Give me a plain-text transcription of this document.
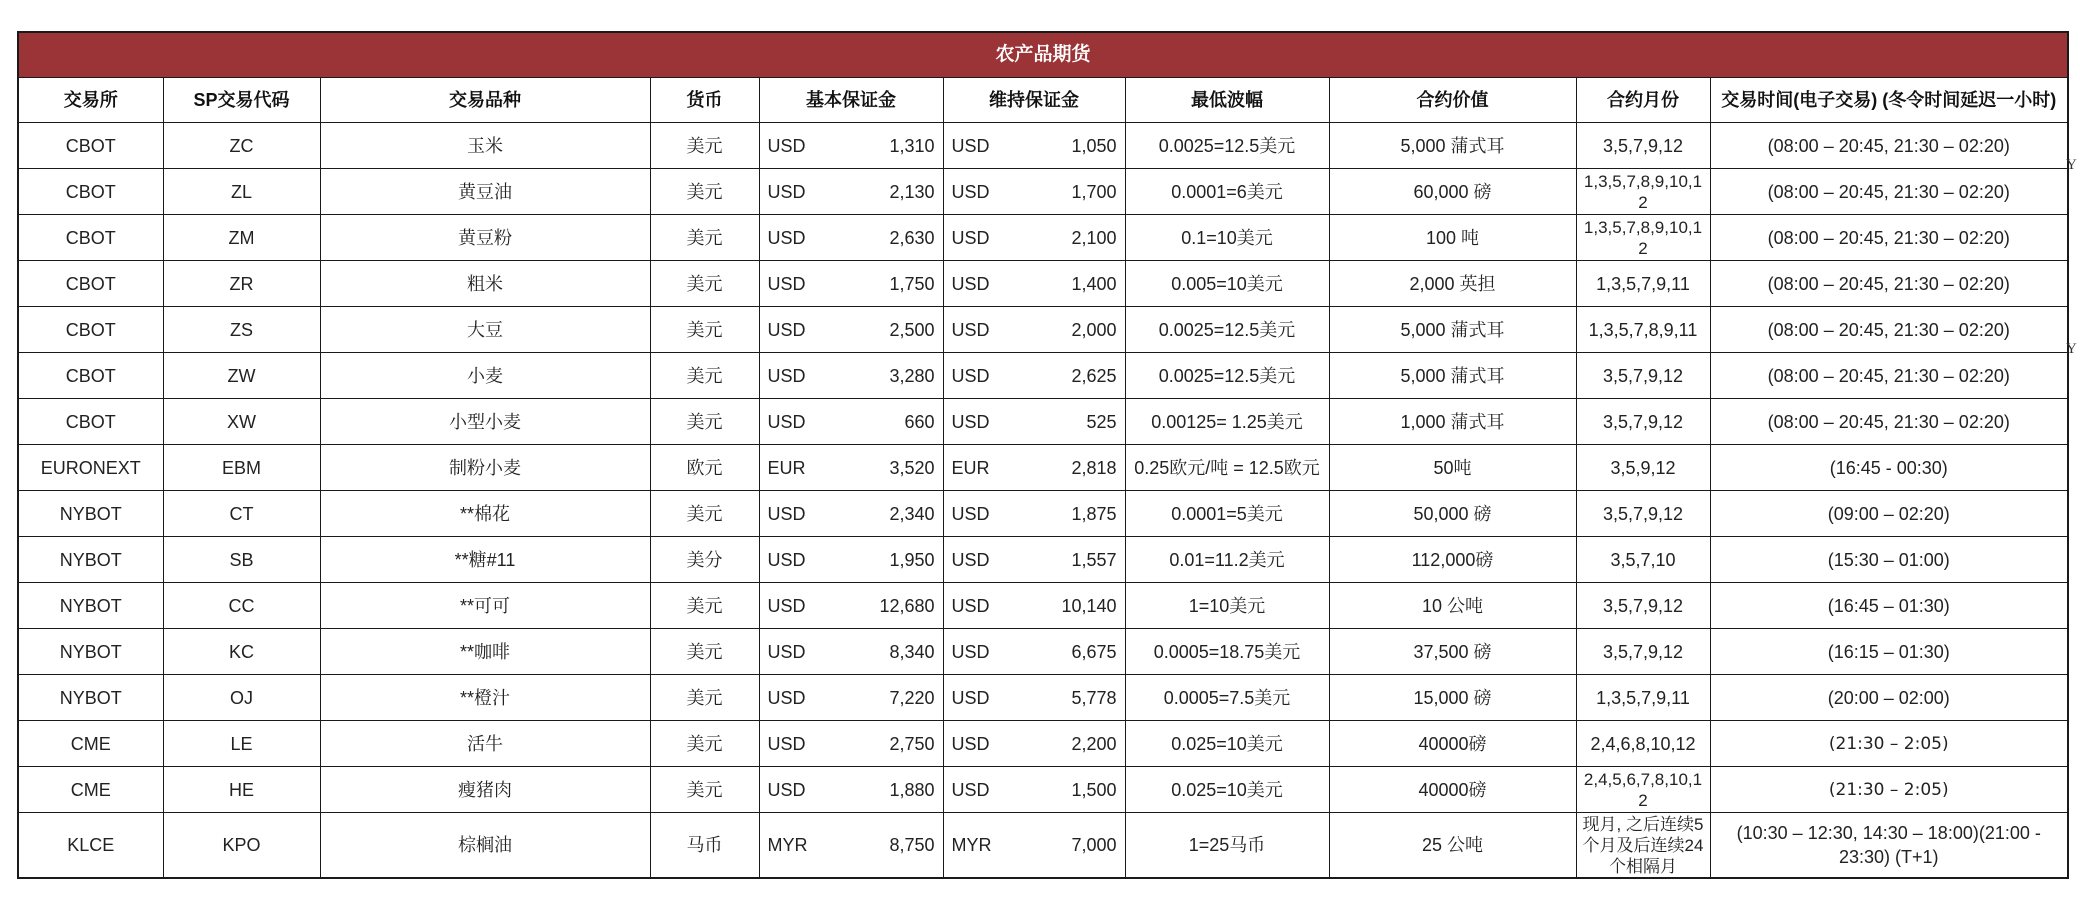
农产品期货									
交易所	SP交易代码	交易品种	货币	基本保证金	维持保证金	最低波幅	合约价值	合约月份	交易时间(电子交易) (冬令时间延迟一小时)
CBOT	ZC	玉米	美元	USD 1,310	USD 1,050	0.0025=12.5美元	5,000 蒲式耳	3,5,7,9,12	(08:00 – 20:45, 21:30 – 02:20)
CBOT	ZL	黄豆油	美元	USD 2,130	USD 1,700	0.0001=6美元	60,000 磅	1,3,5,7,8,9,10,12	(08:00 – 20:45, 21:30 – 02:20)
CBOT	ZM	黄豆粉	美元	USD 2,630	USD 2,100	0.1=10美元	100 吨	1,3,5,7,8,9,10,12	(08:00 – 20:45, 21:30 – 02:20)
CBOT	ZR	粗米	美元	USD 1,750	USD 1,400	0.005=10美元	2,000 英担	1,3,5,7,9,11	(08:00 – 20:45, 21:30 – 02:20)
CBOT	ZS	大豆	美元	USD 2,500	USD 2,000	0.0025=12.5美元	5,000 蒲式耳	1,3,5,7,8,9,11	(08:00 – 20:45, 21:30 – 02:20)
CBOT	ZW	小麦	美元	USD 3,280	USD 2,625	0.0025=12.5美元	5,000 蒲式耳	3,5,7,9,12	(08:00 – 20:45, 21:30 – 02:20)
CBOT	XW	小型小麦	美元	USD 660	USD 525	0.00125= 1.25美元	1,000 蒲式耳	3,5,7,9,12	(08:00 – 20:45, 21:30 – 02:20)
EURONEXT	EBM	制粉小麦	欧元	EUR 3,520	EUR 2,818	0.25欧元/吨 = 12.5欧元	50吨	3,5,9,12	(16:45 - 00:30)
NYBOT	CT	**棉花	美元	USD 2,340	USD 1,875	0.0001=5美元	50,000 磅	3,5,7,9,12	(09:00 – 02:20)
NYBOT	SB	**糖#11	美分	USD 1,950	USD 1,557	0.01=11.2美元	112,000磅	3,5,7,10	(15:30 – 01:00)
NYBOT	CC	**可可	美元	USD 12,680	USD 10,140	1=10美元	10 公吨	3,5,7,9,12	(16:45 – 01:30)
NYBOT	KC	**咖啡	美元	USD 8,340	USD 6,675	0.0005=18.75美元	37,500 磅	3,5,7,9,12	(16:15 – 01:30)
NYBOT	OJ	**橙汁	美元	USD 7,220	USD 5,778	0.0005=7.5美元	15,000 磅	1,3,5,7,9,11	(20:00 – 02:00)
CME	LE	活牛	美元	USD 2,750	USD 2,200	0.025=10美元	40000磅	2,4,6,8,10,12	(21:30 – 2:05)
CME	HE	瘦猪肉	美元	USD 1,880	USD 1,500	0.025=10美元	40000磅	2,4,5,6,7,8,10,12	(21:30 – 2:05)
KLCE	KPO	棕榈油	马币	MYR 8,750	MYR 7,000	1=25马币	25 公吨	现月, 之后连续5个月及后连续24个相隔月	(10:30 – 12:30, 14:30 – 18:00)(21:00 - 23:30) (T+1)
Y
Y
